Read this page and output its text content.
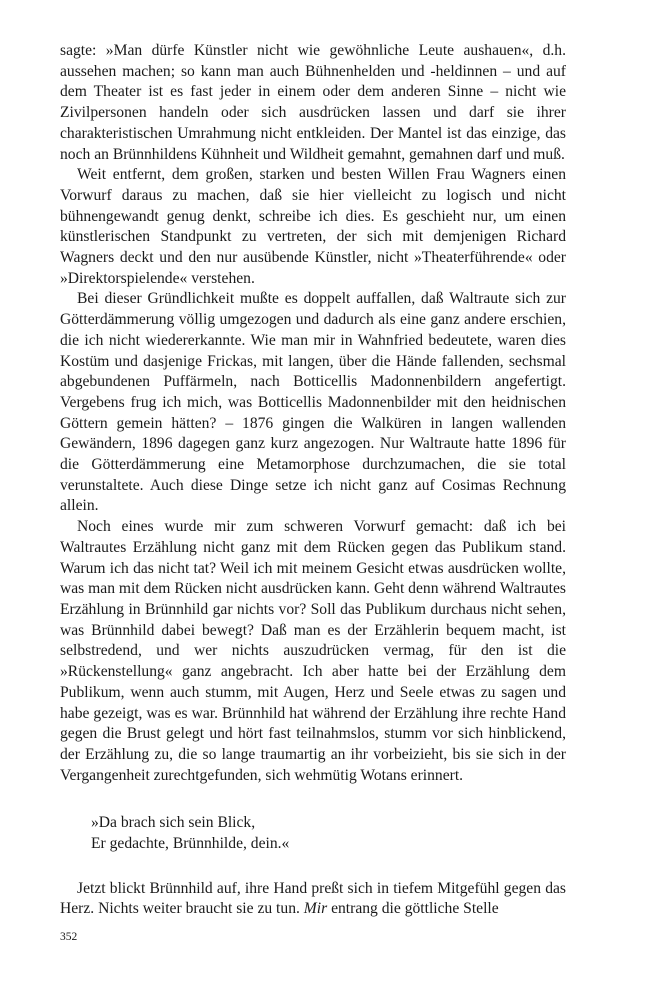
sagte: »Man dürfe Künstler nicht wie gewöhnliche Leute aushauen«, d.h. aussehen machen; so kann man auch Bühnenhelden und -heldinnen – und auf dem Theater ist es fast jeder in einem oder dem anderen Sinne – nicht wie Zivilpersonen handeln oder sich ausdrücken lassen und darf sie ihrer charakteristischen Umrahmung nicht entkleiden. Der Mantel ist das einzige, das noch an Brünnhildens Kühnheit und Wildheit gemahnt, gemahnen darf und muß.

Weit entfernt, dem großen, starken und besten Willen Frau Wagners einen Vorwurf daraus zu machen, daß sie hier vielleicht zu logisch und nicht bühnengewandt genug denkt, schreibe ich dies. Es geschieht nur, um einen künstlerischen Standpunkt zu vertreten, der sich mit demjenigen Richard Wagners deckt und den nur ausübende Künstler, nicht »Theaterführende« oder »Direktorspielende« verstehen.

Bei dieser Gründlichkeit mußte es doppelt auffallen, daß Waltraute sich zur Götterdämmerung völlig umgezogen und dadurch als eine ganz andere erschien, die ich nicht wiedererkannte. Wie man mir in Wahnfried bedeutete, waren dies Kostüm und dasjenige Frickas, mit langen, über die Hände fallenden, sechsmal abgebundenen Puffärmeln, nach Botticellis Madonnenbildern angefertigt. Vergebens frug ich mich, was Botticellis Madonnenbilder mit den heidnischen Göttern gemein hätten? – 1876 gingen die Walküren in langen wallenden Gewändern, 1896 dagegen ganz kurz angezogen. Nur Waltraute hatte 1896 für die Götterdämmerung eine Metamorphose durchzumachen, die sie total verunstaltete. Auch diese Dinge setze ich nicht ganz auf Cosimas Rechnung allein.

Noch eines wurde mir zum schweren Vorwurf gemacht: daß ich bei Waltrautes Erzählung nicht ganz mit dem Rücken gegen das Publikum stand. Warum ich das nicht tat? Weil ich mit meinem Gesicht etwas ausdrücken wollte, was man mit dem Rücken nicht ausdrücken kann. Geht denn während Waltrautes Erzählung in Brünnhild gar nichts vor? Soll das Publikum durchaus nicht sehen, was Brünnhild dabei bewegt? Daß man es der Erzählerin bequem macht, ist selbstredend, und wer nichts auszudrücken vermag, für den ist die »Rückenstellung« ganz angebracht. Ich aber hatte bei der Erzählung dem Publikum, wenn auch stumm, mit Augen, Herz und Seele etwas zu sagen und habe gezeigt, was es war. Brünnhild hat während der Erzählung ihre rechte Hand gegen die Brust gelegt und hört fast teilnahmslos, stumm vor sich hinblickend, der Erzählung zu, die so lange traumartig an ihr vorbeizieht, bis sie sich in der Vergangenheit zurechtgefunden, sich wehmütig Wotans erinnert.

»Da brach sich sein Blick,
Er gedachte, Brünnhilde, dein.«

Jetzt blickt Brünnhild auf, ihre Hand preßt sich in tiefem Mitgefühl gegen das Herz. Nichts weiter braucht sie zu tun. Mir entrang die göttliche Stelle

352
